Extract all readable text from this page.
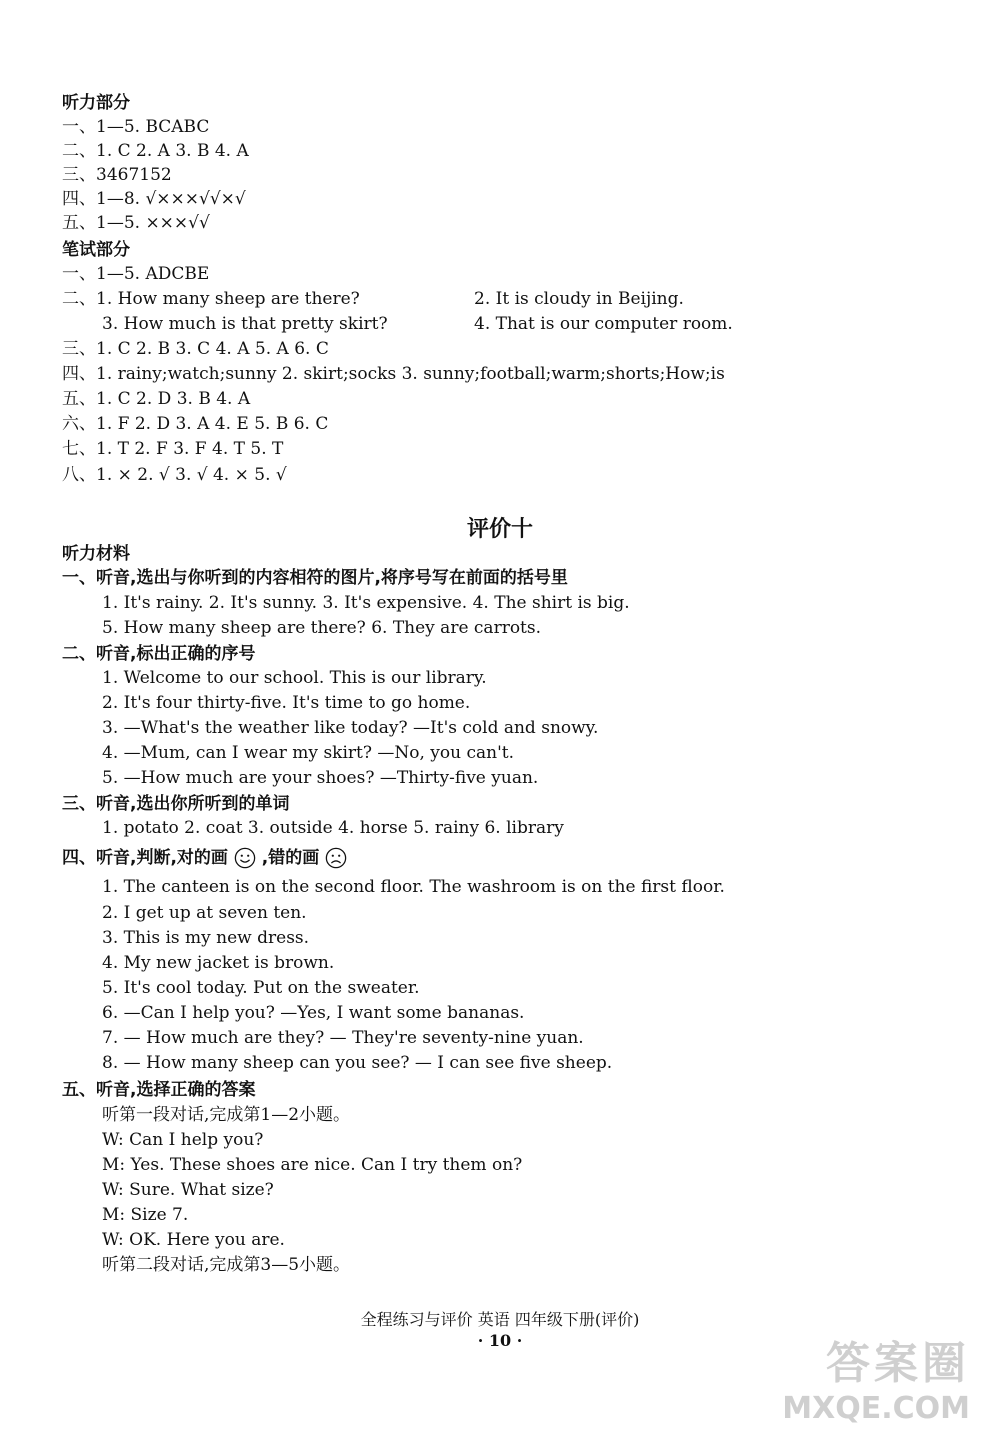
听力部分
一、1—5. BCABC
二、1. C 2. A 3. B 4. A
三、3467152
四、1—8. √×××√√×√
五、1—5. ×××√√
笔试部分
一、1—5. ADCBE
二、1. How many sheep are there?	2. It is cloudy in Beijing.
3. How much is that pretty skirt?	4. That is our computer room.
三、1. C 2. B 3. C 4. A 5. A 6. C
四、1. rainy;watch;sunny 2. skirt;socks 3. sunny;football;warm;shorts;How;is
五、1. C 2. D 3. B 4. A
六、1. F 2. D 3. A 4. E 5. B 6. C
七、1. T 2. F 3. F 4. T 5. T
八、1. × 2. √ 3. √ 4. × 5. √
评价十
听力材料
一、听音,选出与你听到的内容相符的图片,将序号写在前面的括号里
1. It's rainy. 2. It's sunny. 3. It's expensive. 4. The shirt is big.
5. How many sheep are there? 6. They are carrots.
二、听音,标出正确的序号
1. Welcome to our school. This is our library.
2. It's four thirty-five. It's time to go home.
3. —What's the weather like today? —It's cold and snowy.
4. —Mum, can I wear my skirt? —No, you can't.
5. —How much are your shoes? —Thirty-five yuan.
三、听音,选出你所听到的单词
1. potato 2. coat 3. outside 4. horse 5. rainy 6. library
四、听音,判断,对的画 ,错的画
1. The canteen is on the second floor. The washroom is on the first floor.
2. I get up at seven ten.
3. This is my new dress.
4. My new jacket is brown.
5. It's cool today. Put on the sweater.
6. —Can I help you? —Yes, I want some bananas.
7. — How much are they? — They're seventy-nine yuan.
8. — How many sheep can you see? — I can see five sheep.
五、听音,选择正确的答案
听第一段对话,完成第1—2小题。
W: Can I help you?
M: Yes. These shoes are nice. Can I try them on?
W: Sure. What size?
M: Size 7.
W: OK. Here you are.
听第二段对话,完成第3—5小题。
全程练习与评价 英语 四年级下册(评价)
· 10 ·	答案圈
MXQE.COM
